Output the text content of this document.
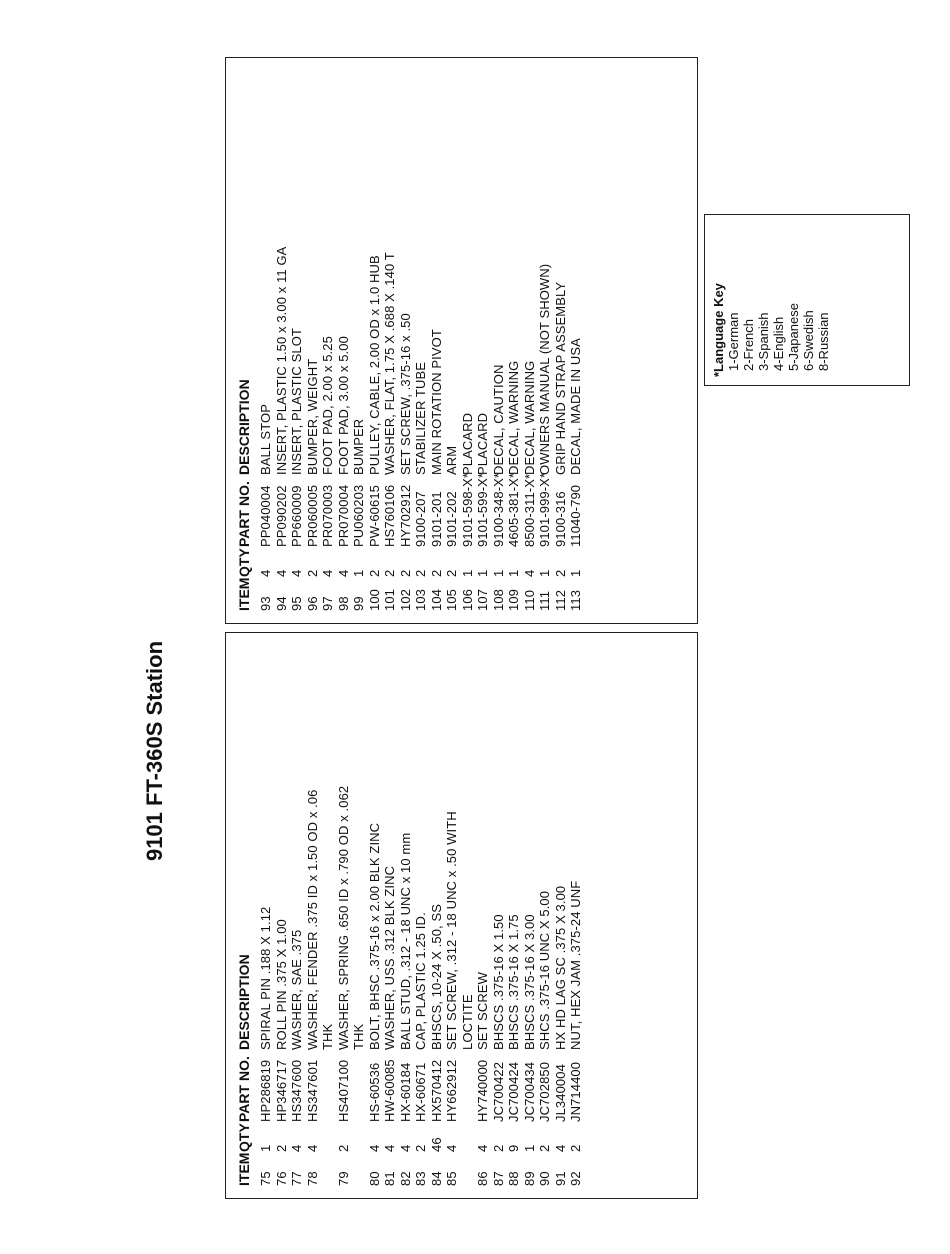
9101 FT-360S Station
ITEM	QTY	PART NO.	DESCRIPTION
75	1	HP286819	SPIRAL PIN .188 X 1.12
76	2	HP346717	ROLL PIN .375 X 1.00
77	4	HS347600	WASHER, SAE .375
78	4	HS347601	WASHER, FENDER .375 ID x 1.50 OD x .06
			THK
79	2	HS407100	WASHER, SPRING .650 ID x .790 OD x .062
			THK
80	4	HS-60536	BOLT, BHSC .375-16 x 2.00 BLK ZINC
81	4	HW-60085	WASHER, USS .312 BLK ZINC
82	4	HX-60184	BALL STUD, .312 - 18 UNC x 10 mm
83	2	HX-60671	CAP, PLASTIC 1.25 ID.
84	46	HX570412	BHSCS, 10-24 X .50, SS
85	4	HY662912	SET SCREW, .312 - 18 UNC x .50 WITH
			LOCTITE
86	4	HY740000	SET SCREW
87	2	JC700422	BHSCS .375-16 X 1.50
88	9	JC700424	BHSCS .375-16 X 1.75
89	1	JC700434	BHSCS .375-16 X 3.00
90	2	JC702850	SHCS .375-16 UNC X 5.00
91	4	JL340004	HX HD LAG SC .375 X 3.00
92	2	JN714400	NUT, HEX JAM .375-24 UNF
ITEM	QTY	PART NO.	DESCRIPTION
93	4	PP040004	BALL STOP
94	4	PP090202	INSERT, PLASTIC 1.50 x 3.00 x 11 GA
95	4	PP660009	INSERT, PLASTIC SLOT
96	2	PR060005	BUMPER, WEIGHT
97	4	PR070003	FOOT PAD, 2.00 x 5.25
98	4	PR070004	FOOT PAD, 3.00 x 5.00
99	1	PU060203	BUMPER
100	2	PW-60615	PULLEY, CABLE, 2.00 OD x 1.0 HUB
101	2	HS760106	WASHER, FLAT, 1.75 X .688 X .140 T
102	2	HY702912	SET SCREW, .375-16 x .50
103	2	9100-207	STABILIZER TUBE
104	2	9101-201	MAIN ROTATION PIVOT
105	2	9101-202	ARM
106	1	9101-598-X*	PLACARD
107	1	9101-599-X*	PLACARD
108	1	9100-348-X*	DECAL, CAUTION
109	1	4605-381-X*	DECAL, WARNING
110	4	8500-311-X*	DECAL, WARNING
111	1	9101-999-X*	OWNERS MANUAL (NOT SHOWN)
112	2	9100-316	GRIP HAND STRAP ASSEMBLY
113	1	11040-790	DECAL, MADE IN USA
*Language Key 1-German 2-French 3-Spanish 4-English 5-Japanese 6-Swedish 8-Russian
